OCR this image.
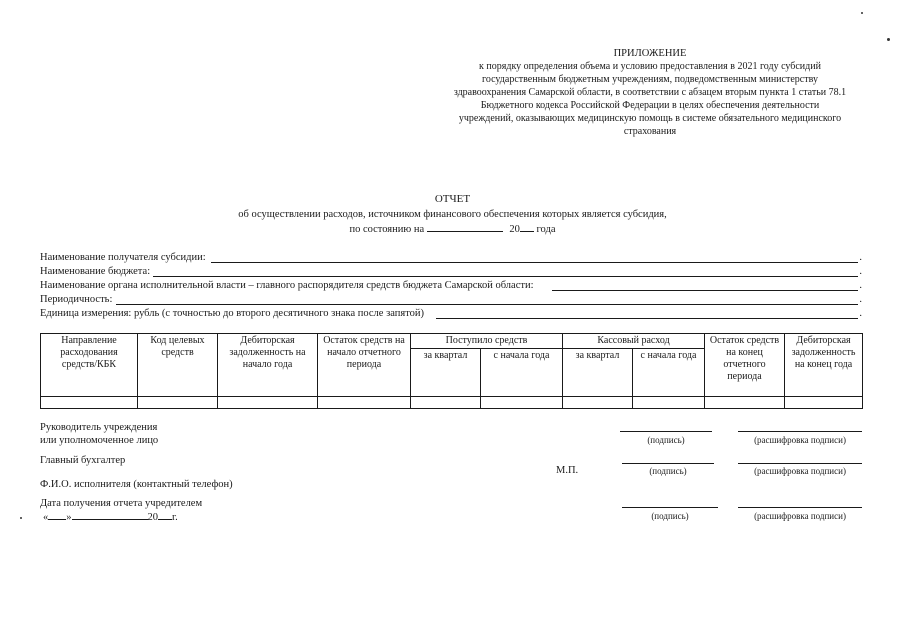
ПРИЛОЖЕНИЕ
к порядку определения объема и условию предоставления в 2021 году субсидий
государственным бюджетным учреждениям, подведомственным министерству
здравоохранения Самарской области, в соответствии с абзацем вторым пункта 1 статьи 78.1
Бюджетного кодекса Российской Федерации в целях обеспечения деятельности
учреждений, оказывающих медицинскую помощь в системе обязательного медицинского
страхования
ОТЧЕТ
об осуществлении расходов, источником финансового обеспечения которых является субсидия,
по состоянию на	20 года
Наименование получателя субсидии:	.
Наименование бюджета:	.
Наименование органа исполнительной власти – главного распорядителя средств бюджета Самарской области:	.
Периодичность:	.
Единица измерения: рубль (с точностью до второго десятичного знака после запятой)	.
Направление расходования средств/КБК	Код целевых средств	Дебиторская задолженность на начало года	Остаток средств на начало отчетного периода	Поступило средств		Кассовый расход		Остаток средств на конец отчетного периода	Дебиторская задолженность на конец года
				за квартал	с начала года	за квартал	с начала года		

Руководитель учреждения
или уполномоченное лицо	(подпись)	(расшифровка подписи)
Главный бухгалтер
М.П.	(подпись)	(расшифровка подписи)
Ф.И.О. исполнителя (контактный телефон)
Дата получения отчета учредителем
« »	20 г.	(подпись)	(расшифровка подписи)
